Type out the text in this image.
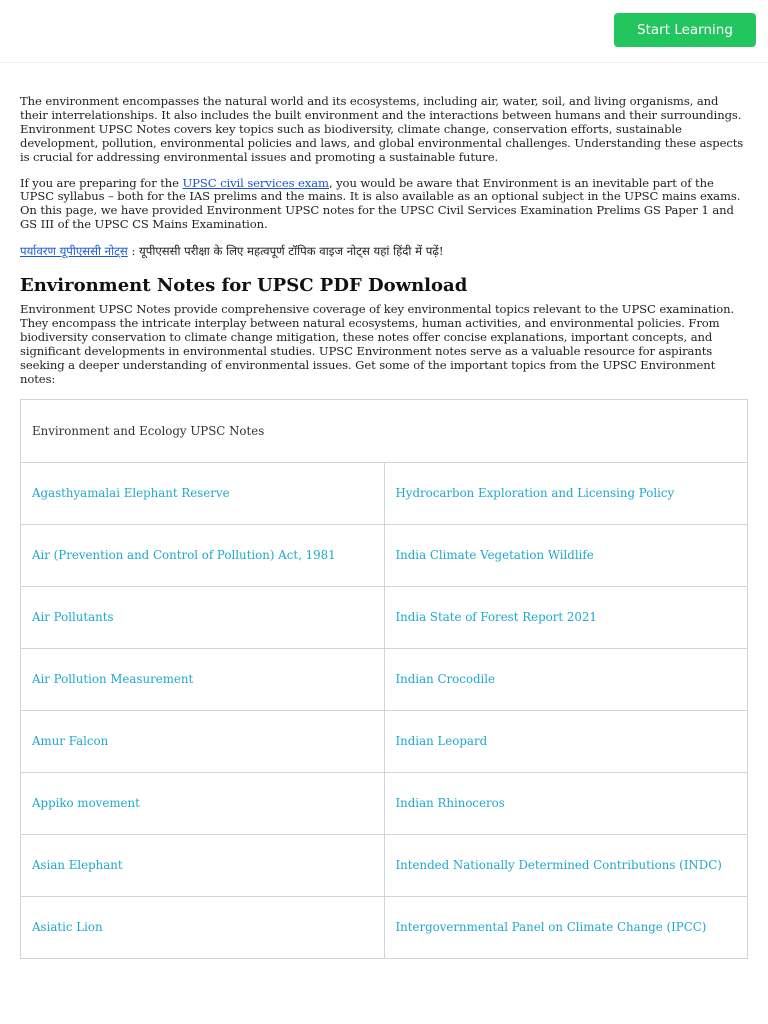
Start Learning

The environment encompasses the natural world and its ecosystems, including air, water, soil, and living organisms, and their interrelationships. It also includes the built environment and the interactions between humans and their surroundings. Environment UPSC Notes covers key topics such as biodiversity, climate change, conservation efforts, sustainable development, pollution, environmental policies and laws, and global environmental challenges. Understanding these aspects is crucial for addressing environmental issues and promoting a sustainable future.

If you are preparing for the UPSC civil services exam, you would be aware that Environment is an inevitable part of the UPSC syllabus – both for the IAS prelims and the mains. It is also available as an optional subject in the UPSC mains exams. On this page, we have provided Environment UPSC notes for the UPSC Civil Services Examination Prelims GS Paper 1 and GS III of the UPSC CS Mains Examination.

पर्यावरण यूपीएससी नोट्स : यूपीएससी परीक्षा के लिए महत्वपूर्ण टॉपिक वाइज नोट्स यहां हिंदी में पढ़ें!

Environment Notes for UPSC PDF Download

Environment UPSC Notes provide comprehensive coverage of key environmental topics relevant to the UPSC examination. They encompass the intricate interplay between natural ecosystems, human activities, and environmental policies. From biodiversity conservation to climate change mitigation, these notes offer concise explanations, important concepts, and significant developments in environmental studies. UPSC Environment notes serve as a valuable resource for aspirants seeking a deeper understanding of environmental issues. Get some of the important topics from the UPSC Environment notes:

Environment and Ecology UPSC Notes	
Agasthyamalai Elephant Reserve	Hydrocarbon Exploration and Licensing Policy
Air (Prevention and Control of Pollution) Act, 1981	India Climate Vegetation Wildlife
Air Pollutants	India State of Forest Report 2021
Air Pollution Measurement	Indian Crocodile
Amur Falcon	Indian Leopard
Appiko movement	Indian Rhinoceros
Asian Elephant	Intended Nationally Determined Contributions (INDC)
Asiatic Lion	Intergovernmental Panel on Climate Change (IPCC)
